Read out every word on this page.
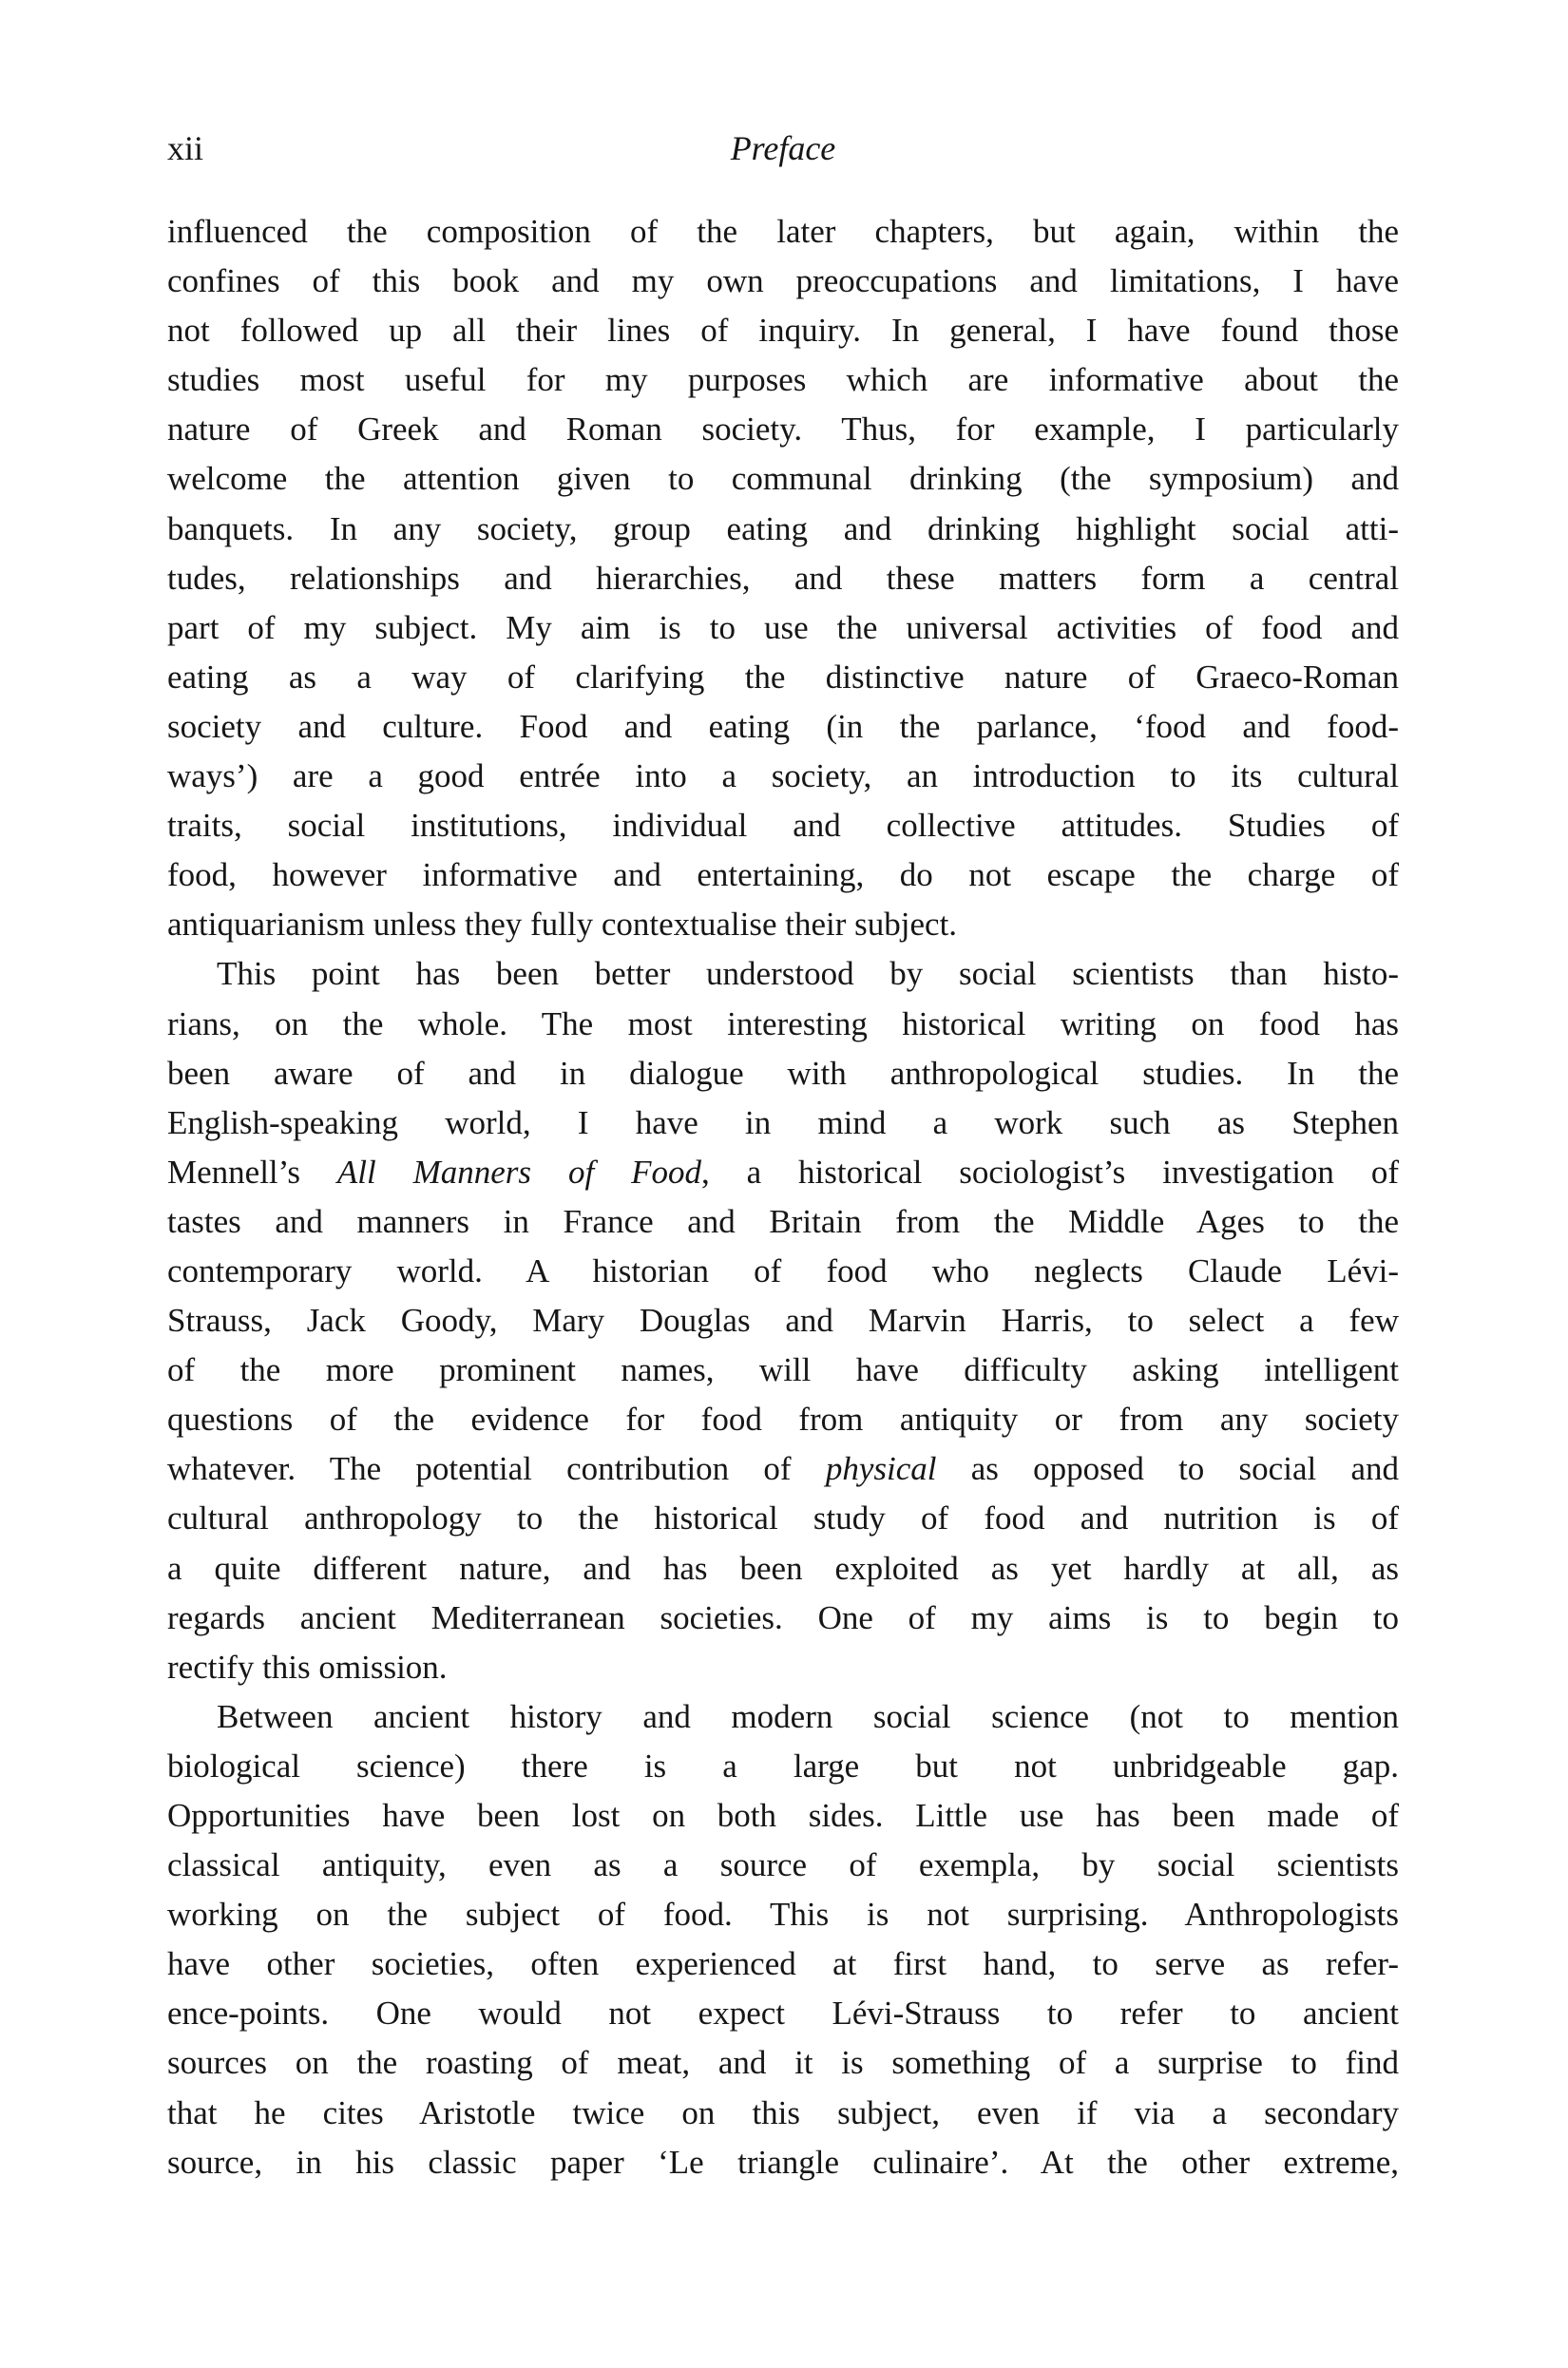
xii	Preface
influenced the composition of the later chapters, but again, within the
confines of this book and my own preoccupations and limitations, I have
not followed up all their lines of inquiry. In general, I have found those
studies most useful for my purposes which are informative about the
nature of Greek and Roman society. Thus, for example, I particularly
welcome the attention given to communal drinking (the symposium) and
banquets. In any society, group eating and drinking highlight social atti-
tudes, relationships and hierarchies, and these matters form a central
part of my subject. My aim is to use the universal activities of food and
eating as a way of clarifying the distinctive nature of Graeco-Roman
society and culture. Food and eating (in the parlance, ‘food and food-
ways’) are a good entrée into a society, an introduction to its cultural
traits, social institutions, individual and collective attitudes. Studies of
food, however informative and entertaining, do not escape the charge of
antiquarianism unless they fully contextualise their subject.
This point has been better understood by social scientists than histo-
rians, on the whole. The most interesting historical writing on food has
been aware of and in dialogue with anthropological studies. In the
English-speaking world, I have in mind a work such as Stephen
Mennell’s All Manners of Food, a historical sociologist’s investigation of
tastes and manners in France and Britain from the Middle Ages to the
contemporary world. A historian of food who neglects Claude Lévi-
Strauss, Jack Goody, Mary Douglas and Marvin Harris, to select a few
of the more prominent names, will have difficulty asking intelligent
questions of the evidence for food from antiquity or from any society
whatever. The potential contribution of physical as opposed to social and
cultural anthropology to the historical study of food and nutrition is of
a quite different nature, and has been exploited as yet hardly at all, as
regards ancient Mediterranean societies. One of my aims is to begin to
rectify this omission.
Between ancient history and modern social science (not to mention
biological science) there is a large but not unbridgeable gap.
Opportunities have been lost on both sides. Little use has been made of
classical antiquity, even as a source of exempla, by social scientists
working on the subject of food. This is not surprising. Anthropologists
have other societies, often experienced at first hand, to serve as refer-
ence-points. One would not expect Lévi-Strauss to refer to ancient
sources on the roasting of meat, and it is something of a surprise to find
that he cites Aristotle twice on this subject, even if via a secondary
source, in his classic paper ‘Le triangle culinaire’. At the other extreme,
